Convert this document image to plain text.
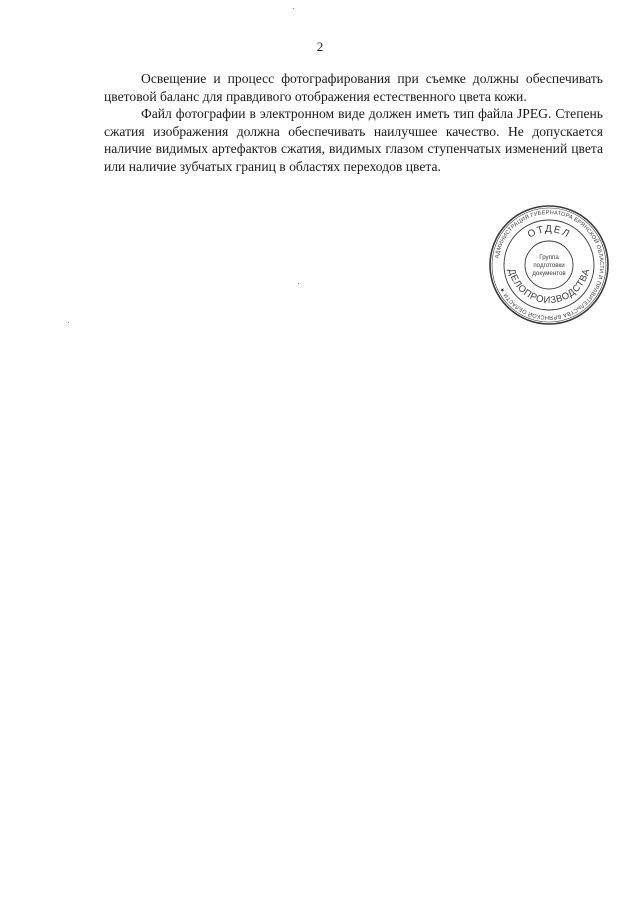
2

Освещение и процесс фотографирования при съемке должны обеспечивать цветовой баланс для правдивого отображения естественного цвета кожи.

Файл фотографии в электронном виде должен иметь тип файла JPEG. Степень сжатия изображения должна обеспечивать наилучшее качество. Не допускается наличие видимых артефактов сжатия, видимых глазом ступенчатых изменений цвета или наличие зубчатых границ в областях переходов цвета.

АДМИНИСТРАЦИЯ ГУБЕРНАТОРА БРЯНСКОЙ ОБЛАСТИ И ПРАВИТЕЛЬСТВА БРЯНСКОЙ ОБЛАСТИ ★
ОТДЕЛ
ДЕЛОПРОИЗВОДСТВА
Группа
подготовки
документов
